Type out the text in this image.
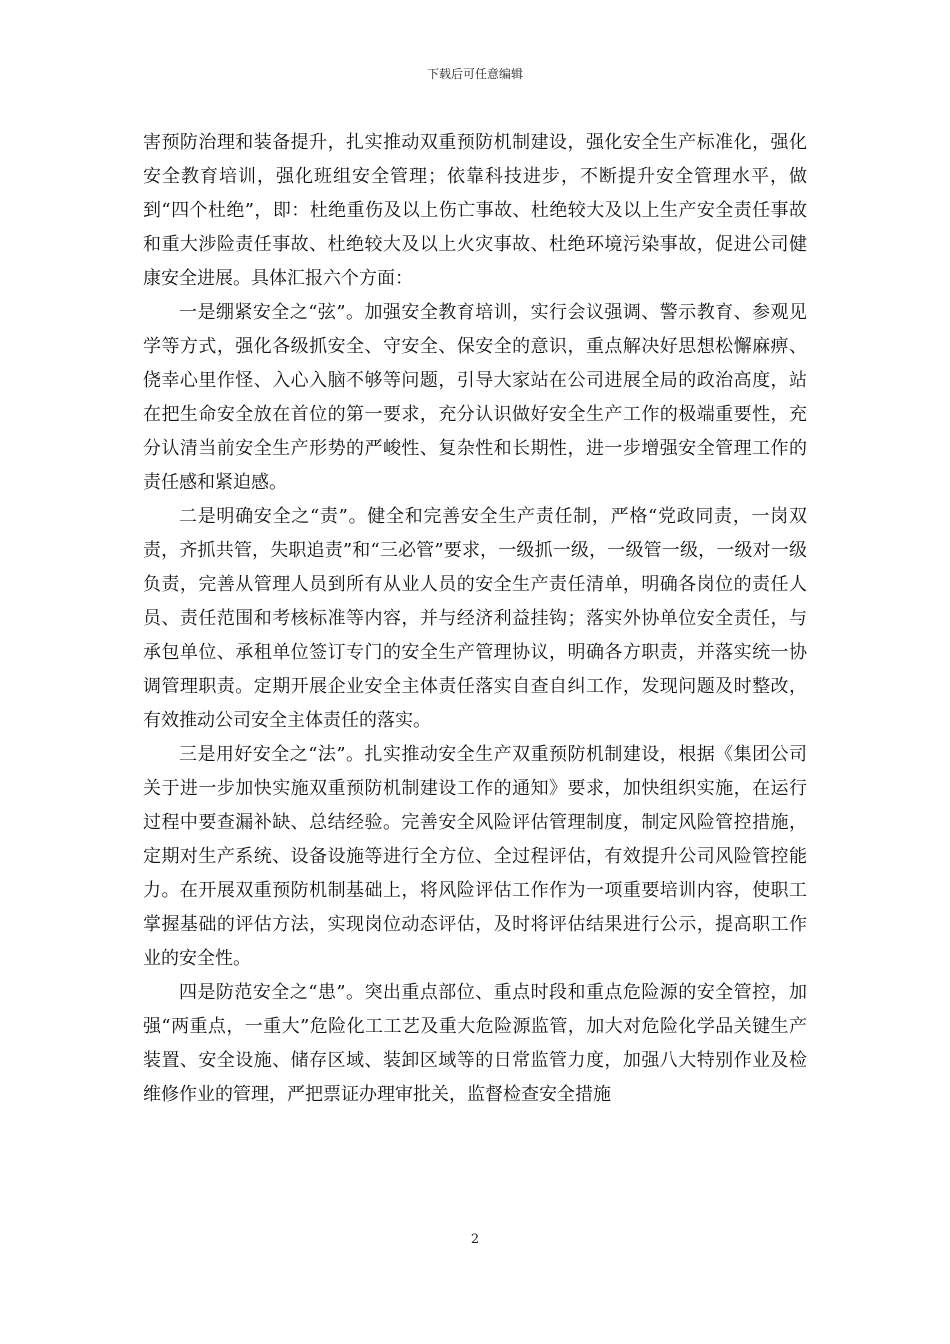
下载后可任意编辑

害预防治理和装备提升，扎实推动双重预防机制建设，强化安全生产标准化，强化安全教育培训，强化班组安全管理；依靠科技进步，不断提升安全管理水平，做到“四个杜绝”，即：杜绝重伤及以上伤亡事故、杜绝较大及以上生产安全责任事故和重大涉险责任事故、杜绝较大及以上火灾事故、杜绝环境污染事故，促进公司健康安全进展。具体汇报六个方面：

一是绷紧安全之“弦”。加强安全教育培训，实行会议强调、警示教育、参观见学等方式，强化各级抓安全、守安全、保安全的意识，重点解决好思想松懈麻痹、侥幸心里作怪、入心入脑不够等问题，引导大家站在公司进展全局的政治高度，站在把生命安全放在首位的第一要求，充分认识做好安全生产工作的极端重要性，充分认清当前安全生产形势的严峻性、复杂性和长期性，进一步增强安全管理工作的责任感和紧迫感。

二是明确安全之“责”。健全和完善安全生产责任制，严格“党政同责，一岗双责，齐抓共管，失职追责”和“三必管”要求，一级抓一级，一级管一级，一级对一级负责，完善从管理人员到所有从业人员的安全生产责任清单，明确各岗位的责任人员、责任范围和考核标准等内容，并与经济利益挂钩；落实外协单位安全责任，与承包单位、承租单位签订专门的安全生产管理协议，明确各方职责，并落实统一协调管理职责。定期开展企业安全主体责任落实自查自纠工作，发现问题及时整改，有效推动公司安全主体责任的落实。

三是用好安全之“法”。扎实推动安全生产双重预防机制建设，根据《集团公司关于进一步加快实施双重预防机制建设工作的通知》要求，加快组织实施，在运行过程中要查漏补缺、总结经验。完善安全风险评估管理制度，制定风险管控措施，定期对生产系统、设备设施等进行全方位、全过程评估，有效提升公司风险管控能力。在开展双重预防机制基础上，将风险评估工作作为一项重要培训内容，使职工掌握基础的评估方法，实现岗位动态评估，及时将评估结果进行公示，提高职工作业的安全性。

四是防范安全之“患”。突出重点部位、重点时段和重点危险源的安全管控，加强“两重点，一重大”危险化工工艺及重大危险源监管，加大对危险化学品关键生产装置、安全设施、储存区域、装卸区域等的日常监管力度，加强八大特别作业及检维修作业的管理，严把票证办理审批关，监督检查安全措施

2
